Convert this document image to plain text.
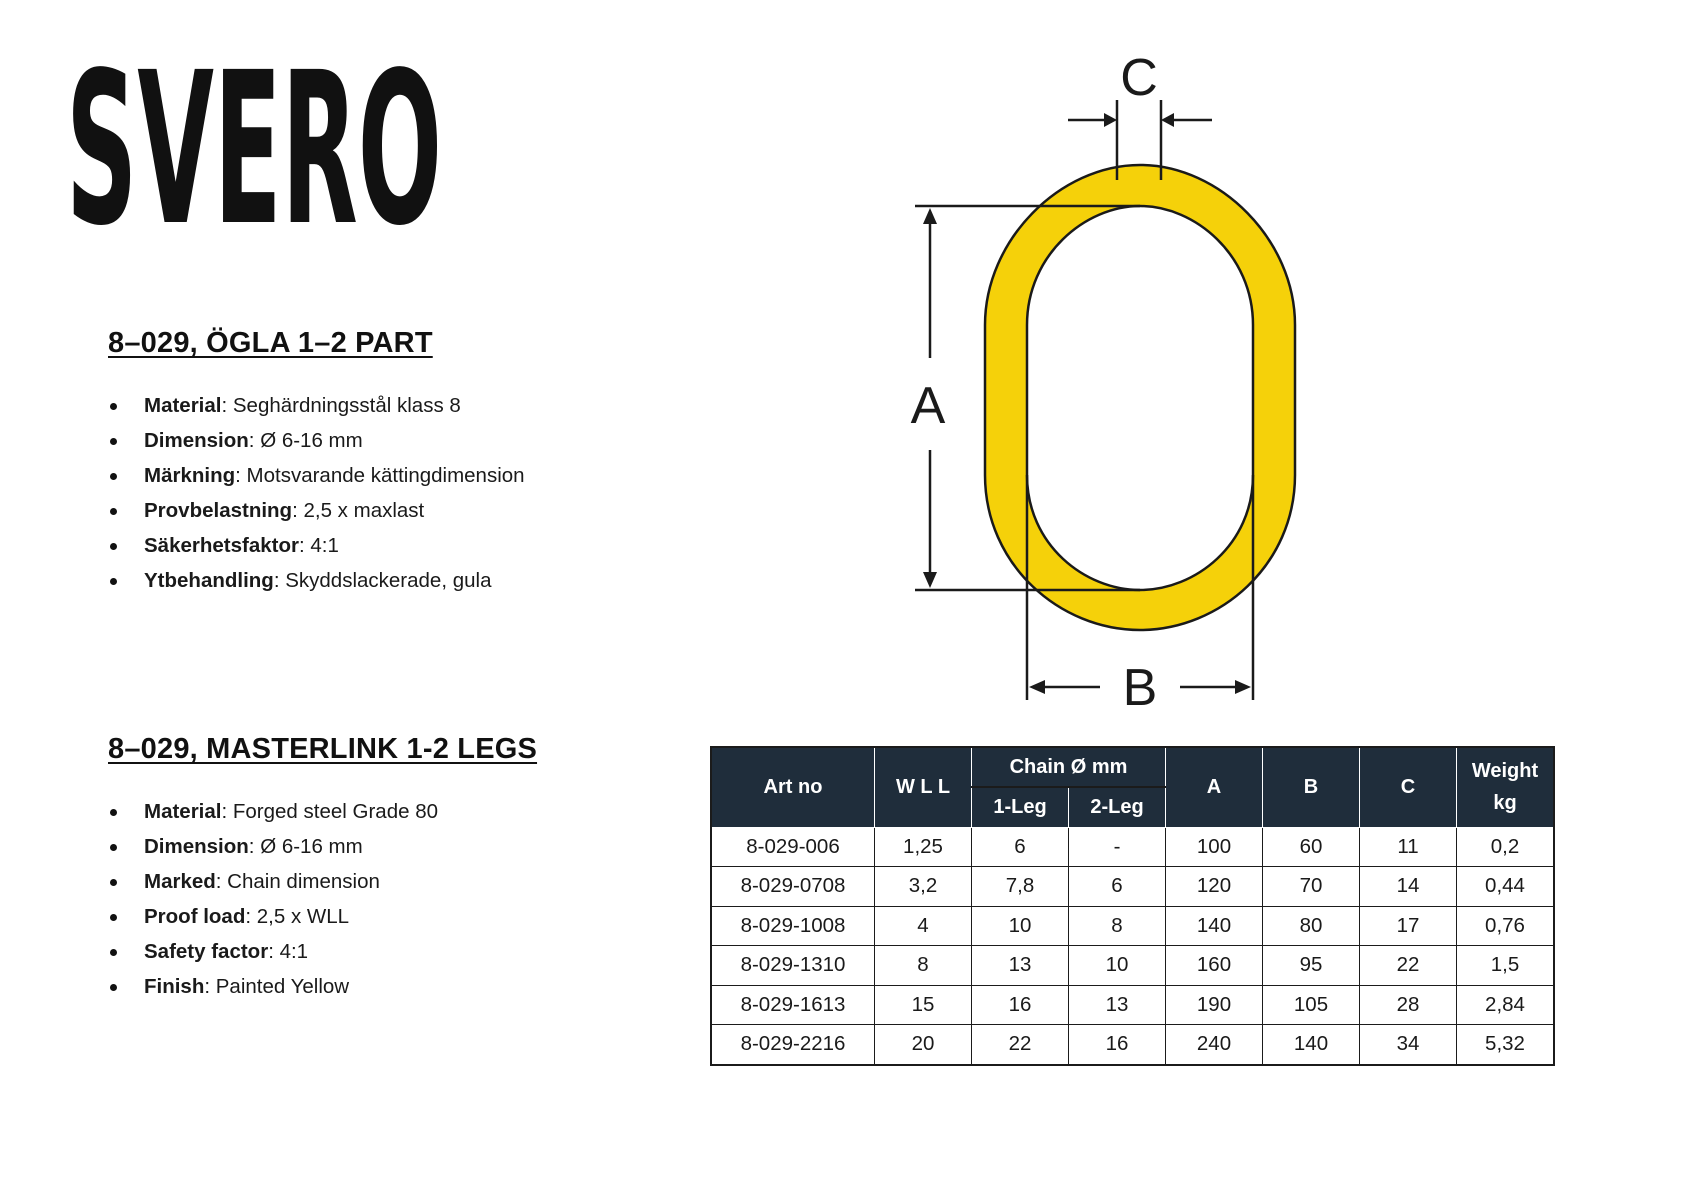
SVERO
8–029, ÖGLA 1–2 PART
Material: Seghärdningsstål klass 8
Dimension: Ø 6-16 mm
Märkning: Motsvarande kättingdimension
Provbelastning: 2,5 x maxlast
Säkerhetsfaktor: 4:1
Ytbehandling: Skyddslackerade, gula
8–029, MASTERLINK 1-2 LEGS
Material: Forged steel Grade 80
Dimension: Ø 6-16 mm
Marked: Chain dimension
Proof load: 2,5 x WLL
Safety factor: 4:1
Finish: Painted Yellow
C
A
B
Art no	W L L	Chain Ø mm		A	B	C	Weight
kg
		1-Leg	2-Leg				
8-029-006	1,25	6	-	100	60	11	0,2
8-029-0708	3,2	7,8	6	120	70	14	0,44
8-029-1008	4	10	8	140	80	17	0,76
8-029-1310	8	13	10	160	95	22	1,5
8-029-1613	15	16	13	190	105	28	2,84
8-029-2216	20	22	16	240	140	34	5,32
